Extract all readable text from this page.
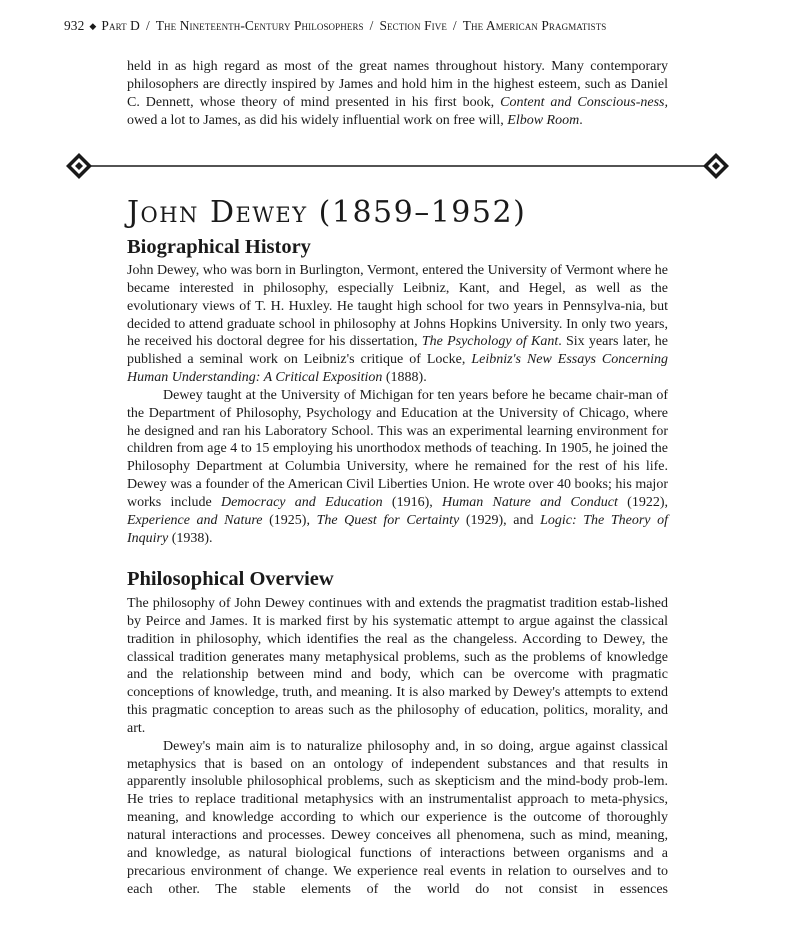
932 ◆ Part D / The Nineteenth-Century Philosophers / Section Five / The American Pragmatists

held in as high regard as most of the great names throughout history. Many contemporary philosophers are directly inspired by James and hold him in the highest esteem, such as Daniel C. Dennett, whose theory of mind presented in his first book, Content and Conscious-ness, owed a lot to James, as did his widely influential work on free will, Elbow Room.

John Dewey (1859–1952)
Biographical History

John Dewey, who was born in Burlington, Vermont, entered the University of Vermont where he became interested in philosophy, especially Leibniz, Kant, and Hegel, as well as the evolutionary views of T. H. Huxley. He taught high school for two years in Pennsylva-nia, but decided to attend graduate school in philosophy at Johns Hopkins University. In only two years, he received his doctoral degree for his dissertation, The Psychology of Kant. Six years later, he published a seminal work on Leibniz's critique of Locke, Leibniz's New Essays Concerning Human Understanding: A Critical Exposition (1888).

Dewey taught at the University of Michigan for ten years before he became chair-man of the Department of Philosophy, Psychology and Education at the University of Chicago, where he designed and ran his Laboratory School. This was an experimental learning environment for children from age 4 to 15 employing his unorthodox methods of teaching. In 1905, he joined the Philosophy Department at Columbia University, where he remained for the rest of his life. Dewey was a founder of the American Civil Liberties Union. He wrote over 40 books; his major works include Democracy and Education (1916), Human Nature and Conduct (1922), Experience and Nature (1925), The Quest for Certainty (1929), and Logic: The Theory of Inquiry (1938).

Philosophical Overview

The philosophy of John Dewey continues with and extends the pragmatist tradition estab-lished by Peirce and James. It is marked first by his systematic attempt to argue against the classical tradition in philosophy, which identifies the real as the changeless. According to Dewey, the classical tradition generates many metaphysical problems, such as the problems of knowledge and the relationship between mind and body, which can be overcome with pragmatic conceptions of knowledge, truth, and meaning. It is also marked by Dewey's attempts to extend this pragmatic conception to areas such as the philosophy of education, politics, morality, and art.

Dewey's main aim is to naturalize philosophy and, in so doing, argue against classical metaphysics that is based on an ontology of independent substances and that results in apparently insoluble philosophical problems, such as skepticism and the mind-body prob-lem. He tries to replace traditional metaphysics with an instrumentalist approach to meta-physics, meaning, and knowledge according to which our experience is the outcome of thoroughly natural interactions and processes. Dewey conceives all phenomena, such as mind, meaning, and knowledge, as natural biological functions of interactions between organisms and a precarious environment of change. We experience real events in relation to ourselves and to each other. The stable elements of the world do not consist in essences
